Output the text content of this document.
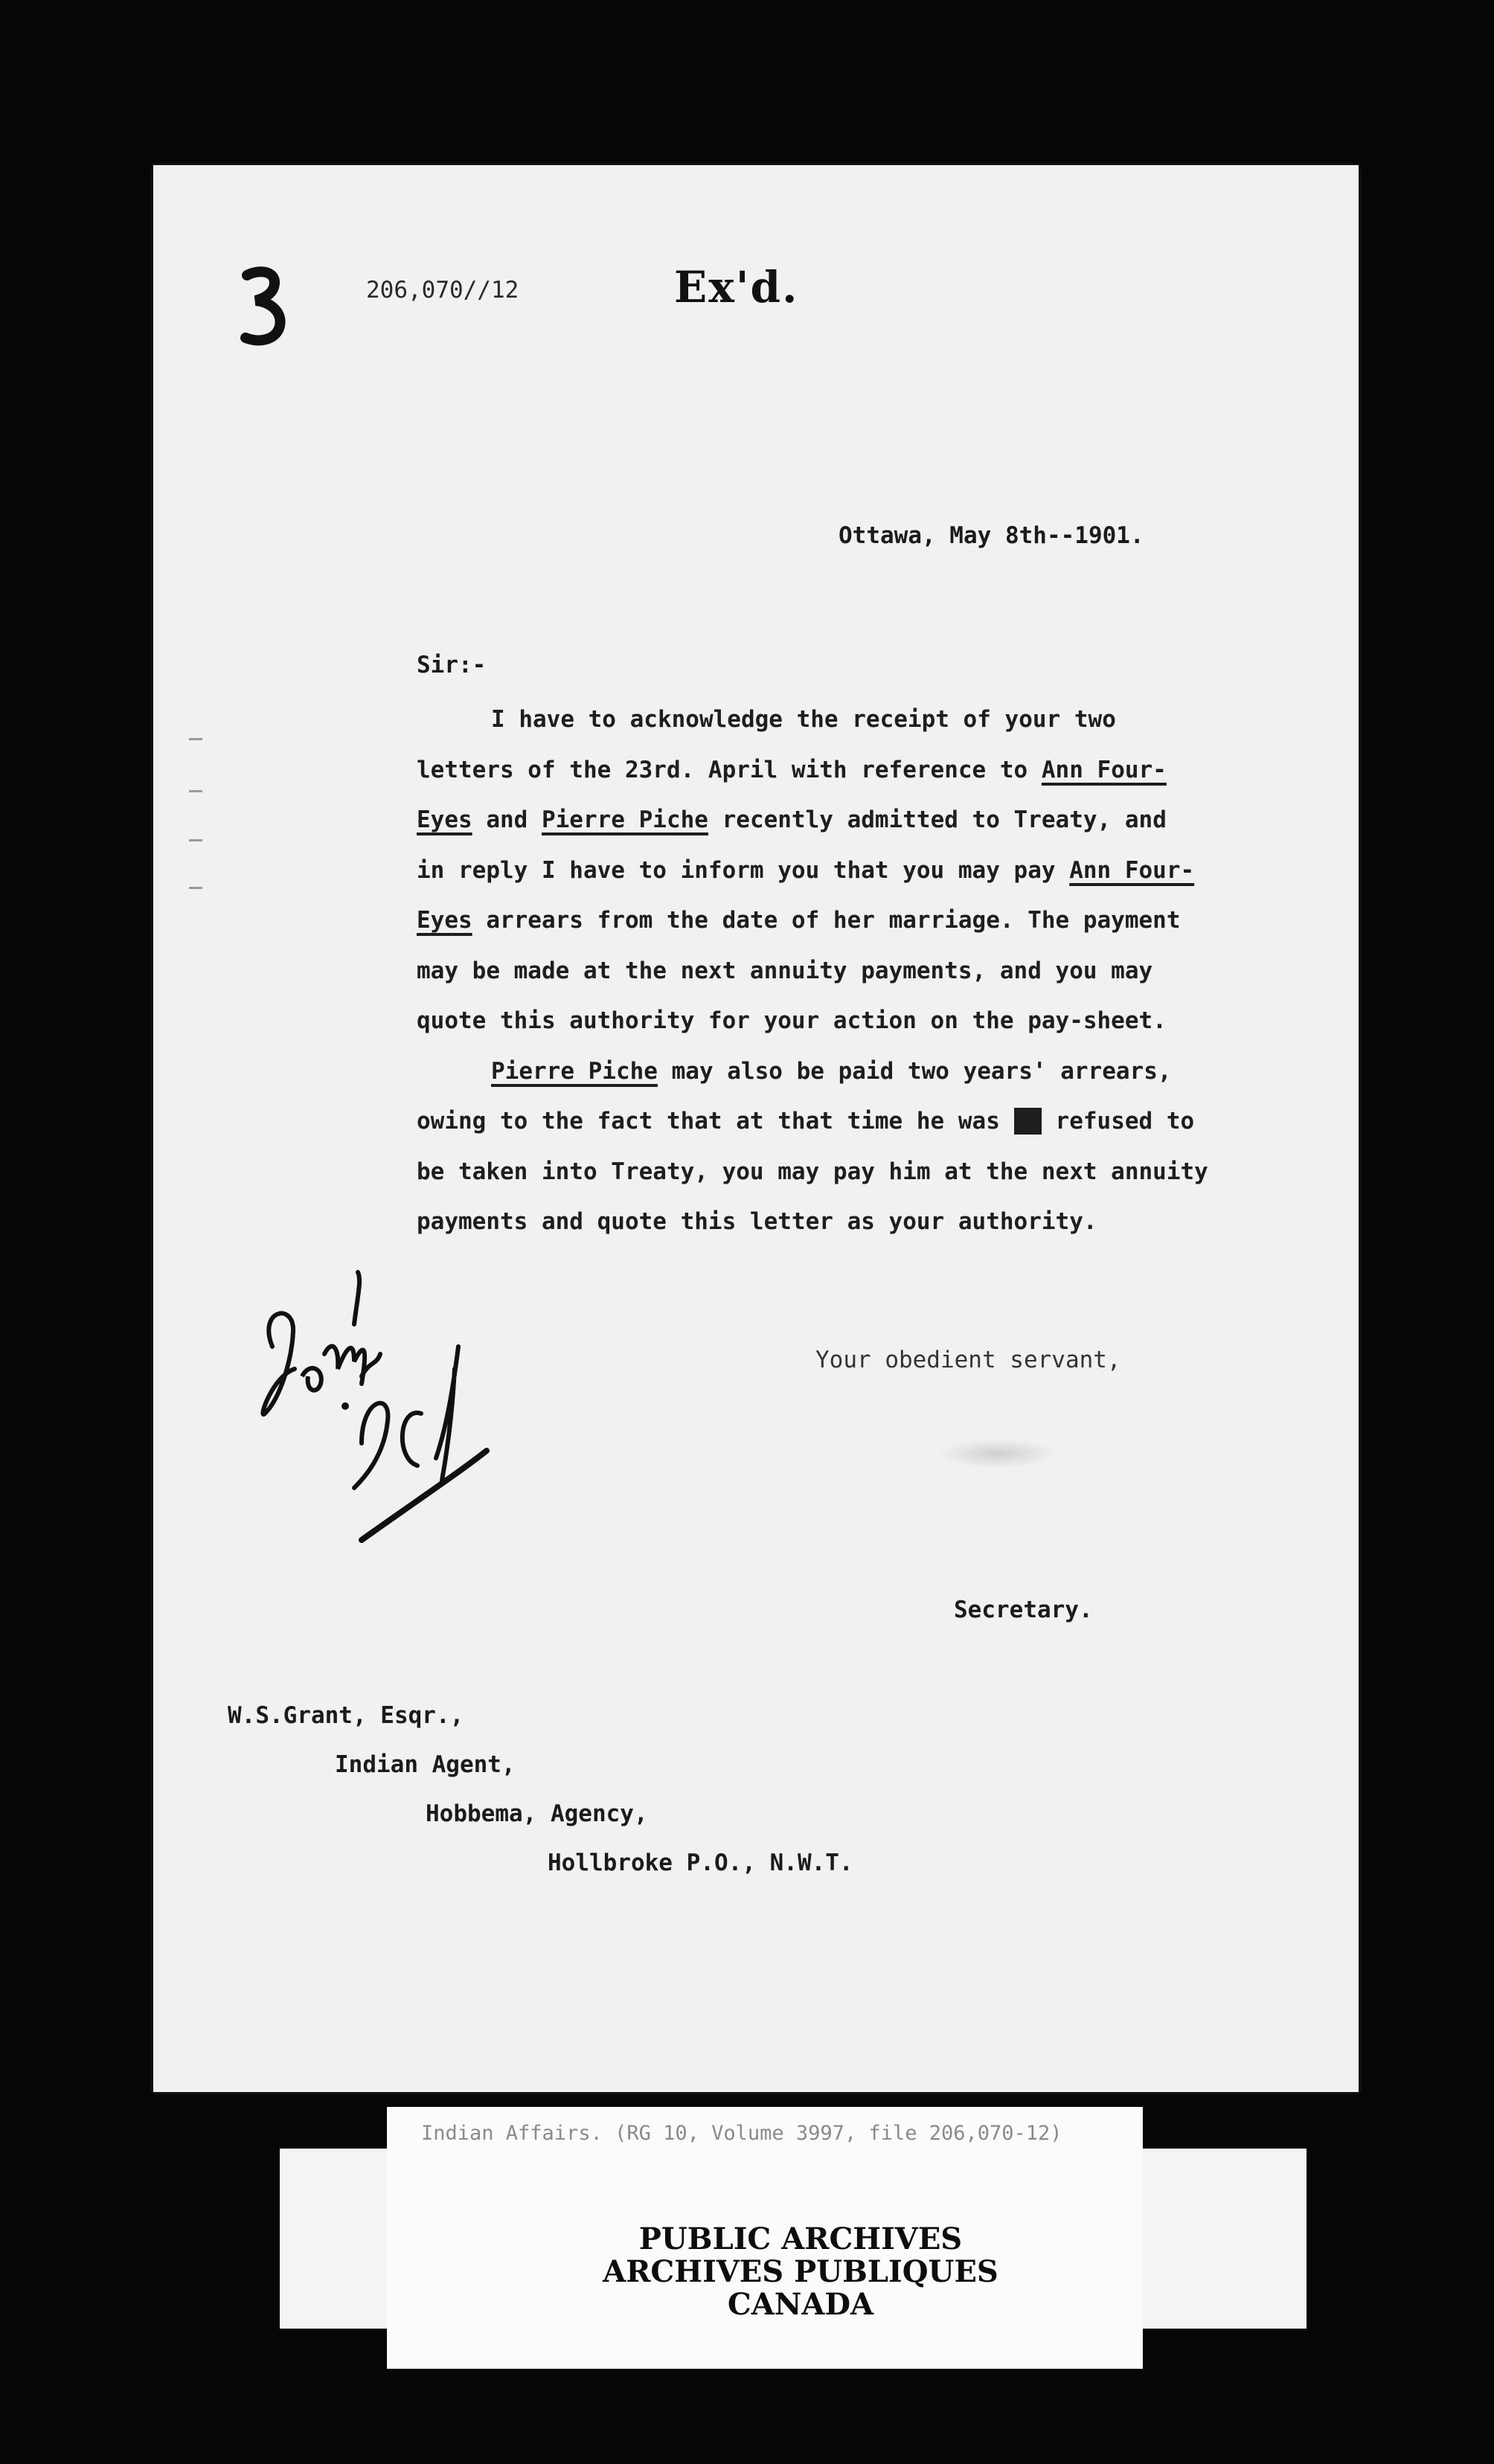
206,070//12	Ex'd.
Ottawa, May 8th--1901.
Sir:-

I have to acknowledge the receipt of your two

letters of the 23rd. April with reference to Ann Four-

Eyes and Pierre Piche recently admitted to Treaty, and

in reply I have to inform you that you may pay Ann Four-

Eyes arrears from the date of her marriage. The payment

may be made at the next annuity payments, and you may

quote this authority for your action on the pay-sheet.

Pierre Piche may also be paid two years' arrears,

owing to the fact that at that time he was xx refused to

be taken into Treaty, you may pay him at the next annuity

payments and quote this letter as your authority.

Your obedient servant,
Secretary.
W.S.Grant, Esqr.,
Indian Agent,
Hobbema, Agency,
Hollbroke P.O., N.W.T.
Indian Affairs. (RG 10, Volume 3997, file 206,070-12)
PUBLIC ARCHIVES
ARCHIVES PUBLIQUES
CANADA
